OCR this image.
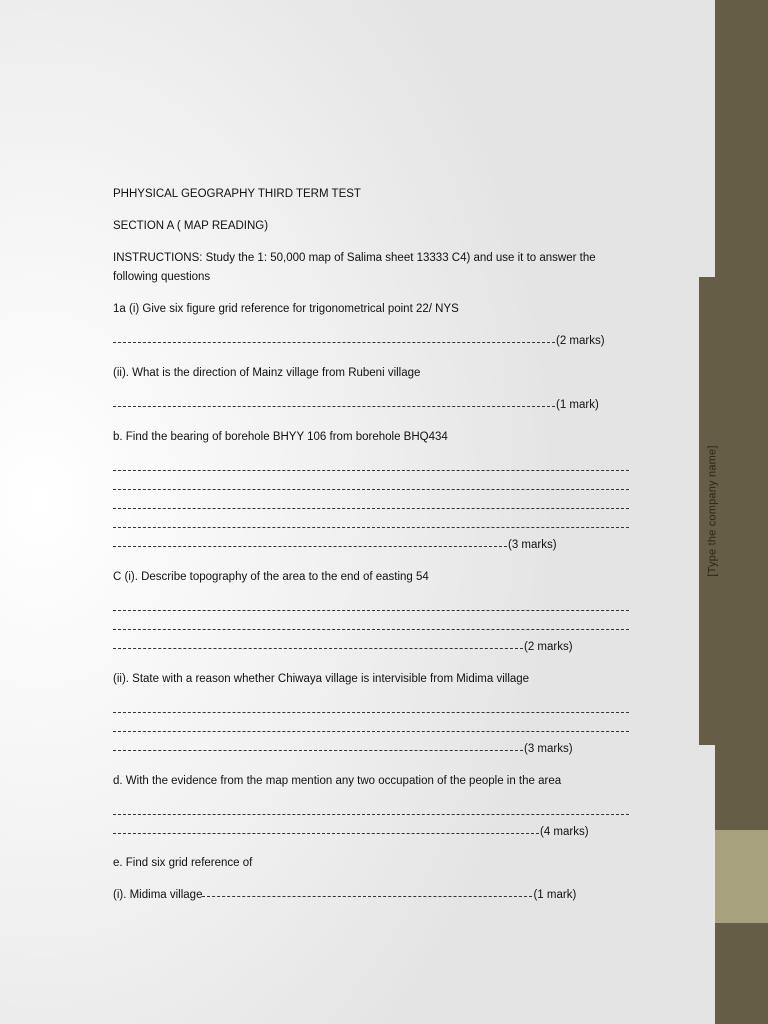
[Type the company name]
PHHYSICAL GEOGRAPHY THIRD TERM TEST
SECTION A ( MAP READING)
INSTRUCTIONS: Study the 1: 50,000 map of Salima sheet 13333 C4) and use it to answer the
following questions
1a (i) Give six figure grid reference for trigonometrical point 22/ NYS
(2 marks)
(ii). What is the direction of Mainz village from Rubeni village
(1 mark)
b. Find the bearing of borehole BHYY 106 from borehole BHQ434
(3 marks)
C (i). Describe topography of the area to the end of easting 54
(2 marks)
(ii). State with a reason whether Chiwaya village is intervisible from Midima village
(3 marks)
d. With the evidence from the map mention any two occupation of the people in the area
(4 marks)
e. Find six grid reference of
(i). Midima village	(1 mark)
